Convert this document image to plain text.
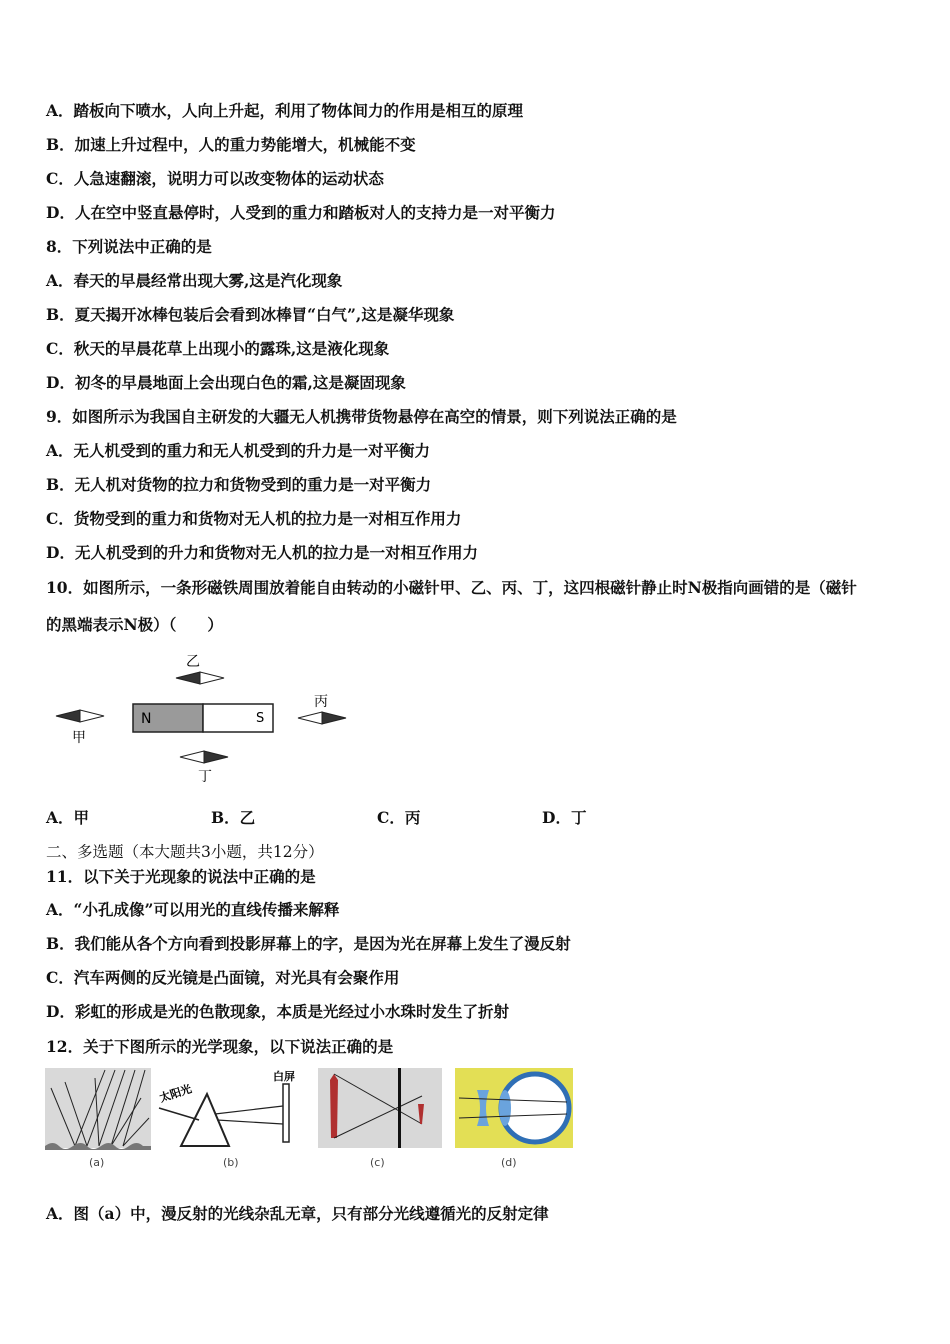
A．踏板向下喷水，人向上升起，利用了物体间力的作用是相互的原理
B．加速上升过程中，人的重力势能增大，机械能不变
C．人急速翻滚，说明力可以改变物体的运动状态
D．人在空中竖直悬停时，人受到的重力和踏板对人的支持力是一对平衡力
8．下列说法中正确的是
A．春天的早晨经常出现大雾,这是汽化现象
B．夏天揭开冰棒包装后会看到冰棒冒“白气”,这是凝华现象
C．秋天的早晨花草上出现小的露珠,这是液化现象
D．初冬的早晨地面上会出现白色的霜,这是凝固现象
9．如图所示为我国自主研发的大疆无人机携带货物悬停在高空的情景，则下列说法正确的是
A．无人机受到的重力和无人机受到的升力是一对平衡力
B．无人机对货物的拉力和货物受到的重力是一对平衡力
C．货物受到的重力和货物对无人机的拉力是一对相互作用力
D．无人机受到的升力和货物对无人机的拉力是一对相互作用力
10．如图所示，一条形磁铁周围放着能自由转动的小磁针甲、乙、丙、丁，这四根磁针静止时N极指向画错的是（磁针
的黑端表示N极）（　　）
N	S
乙
甲
丙
丁
A．甲	B．乙	C．丙	D．丁
二、多选题（本大题共3小题，共12分）
11．以下关于光现象的说法中正确的是
A．“小孔成像”可以用光的直线传播来解释
B．我们能从各个方向看到投影屏幕上的字，是因为光在屏幕上发生了漫反射
C．汽车两侧的反光镜是凸面镜，对光具有会聚作用
D．彩虹的形成是光的色散现象，本质是光经过小水珠时发生了折射
12．关于下图所示的光学现象，以下说法正确的是
(a)
太阳光
白屏
(b)	(c)	(d)
A．图（a）中，漫反射的光线杂乱无章，只有部分光线遵循光的反射定律
